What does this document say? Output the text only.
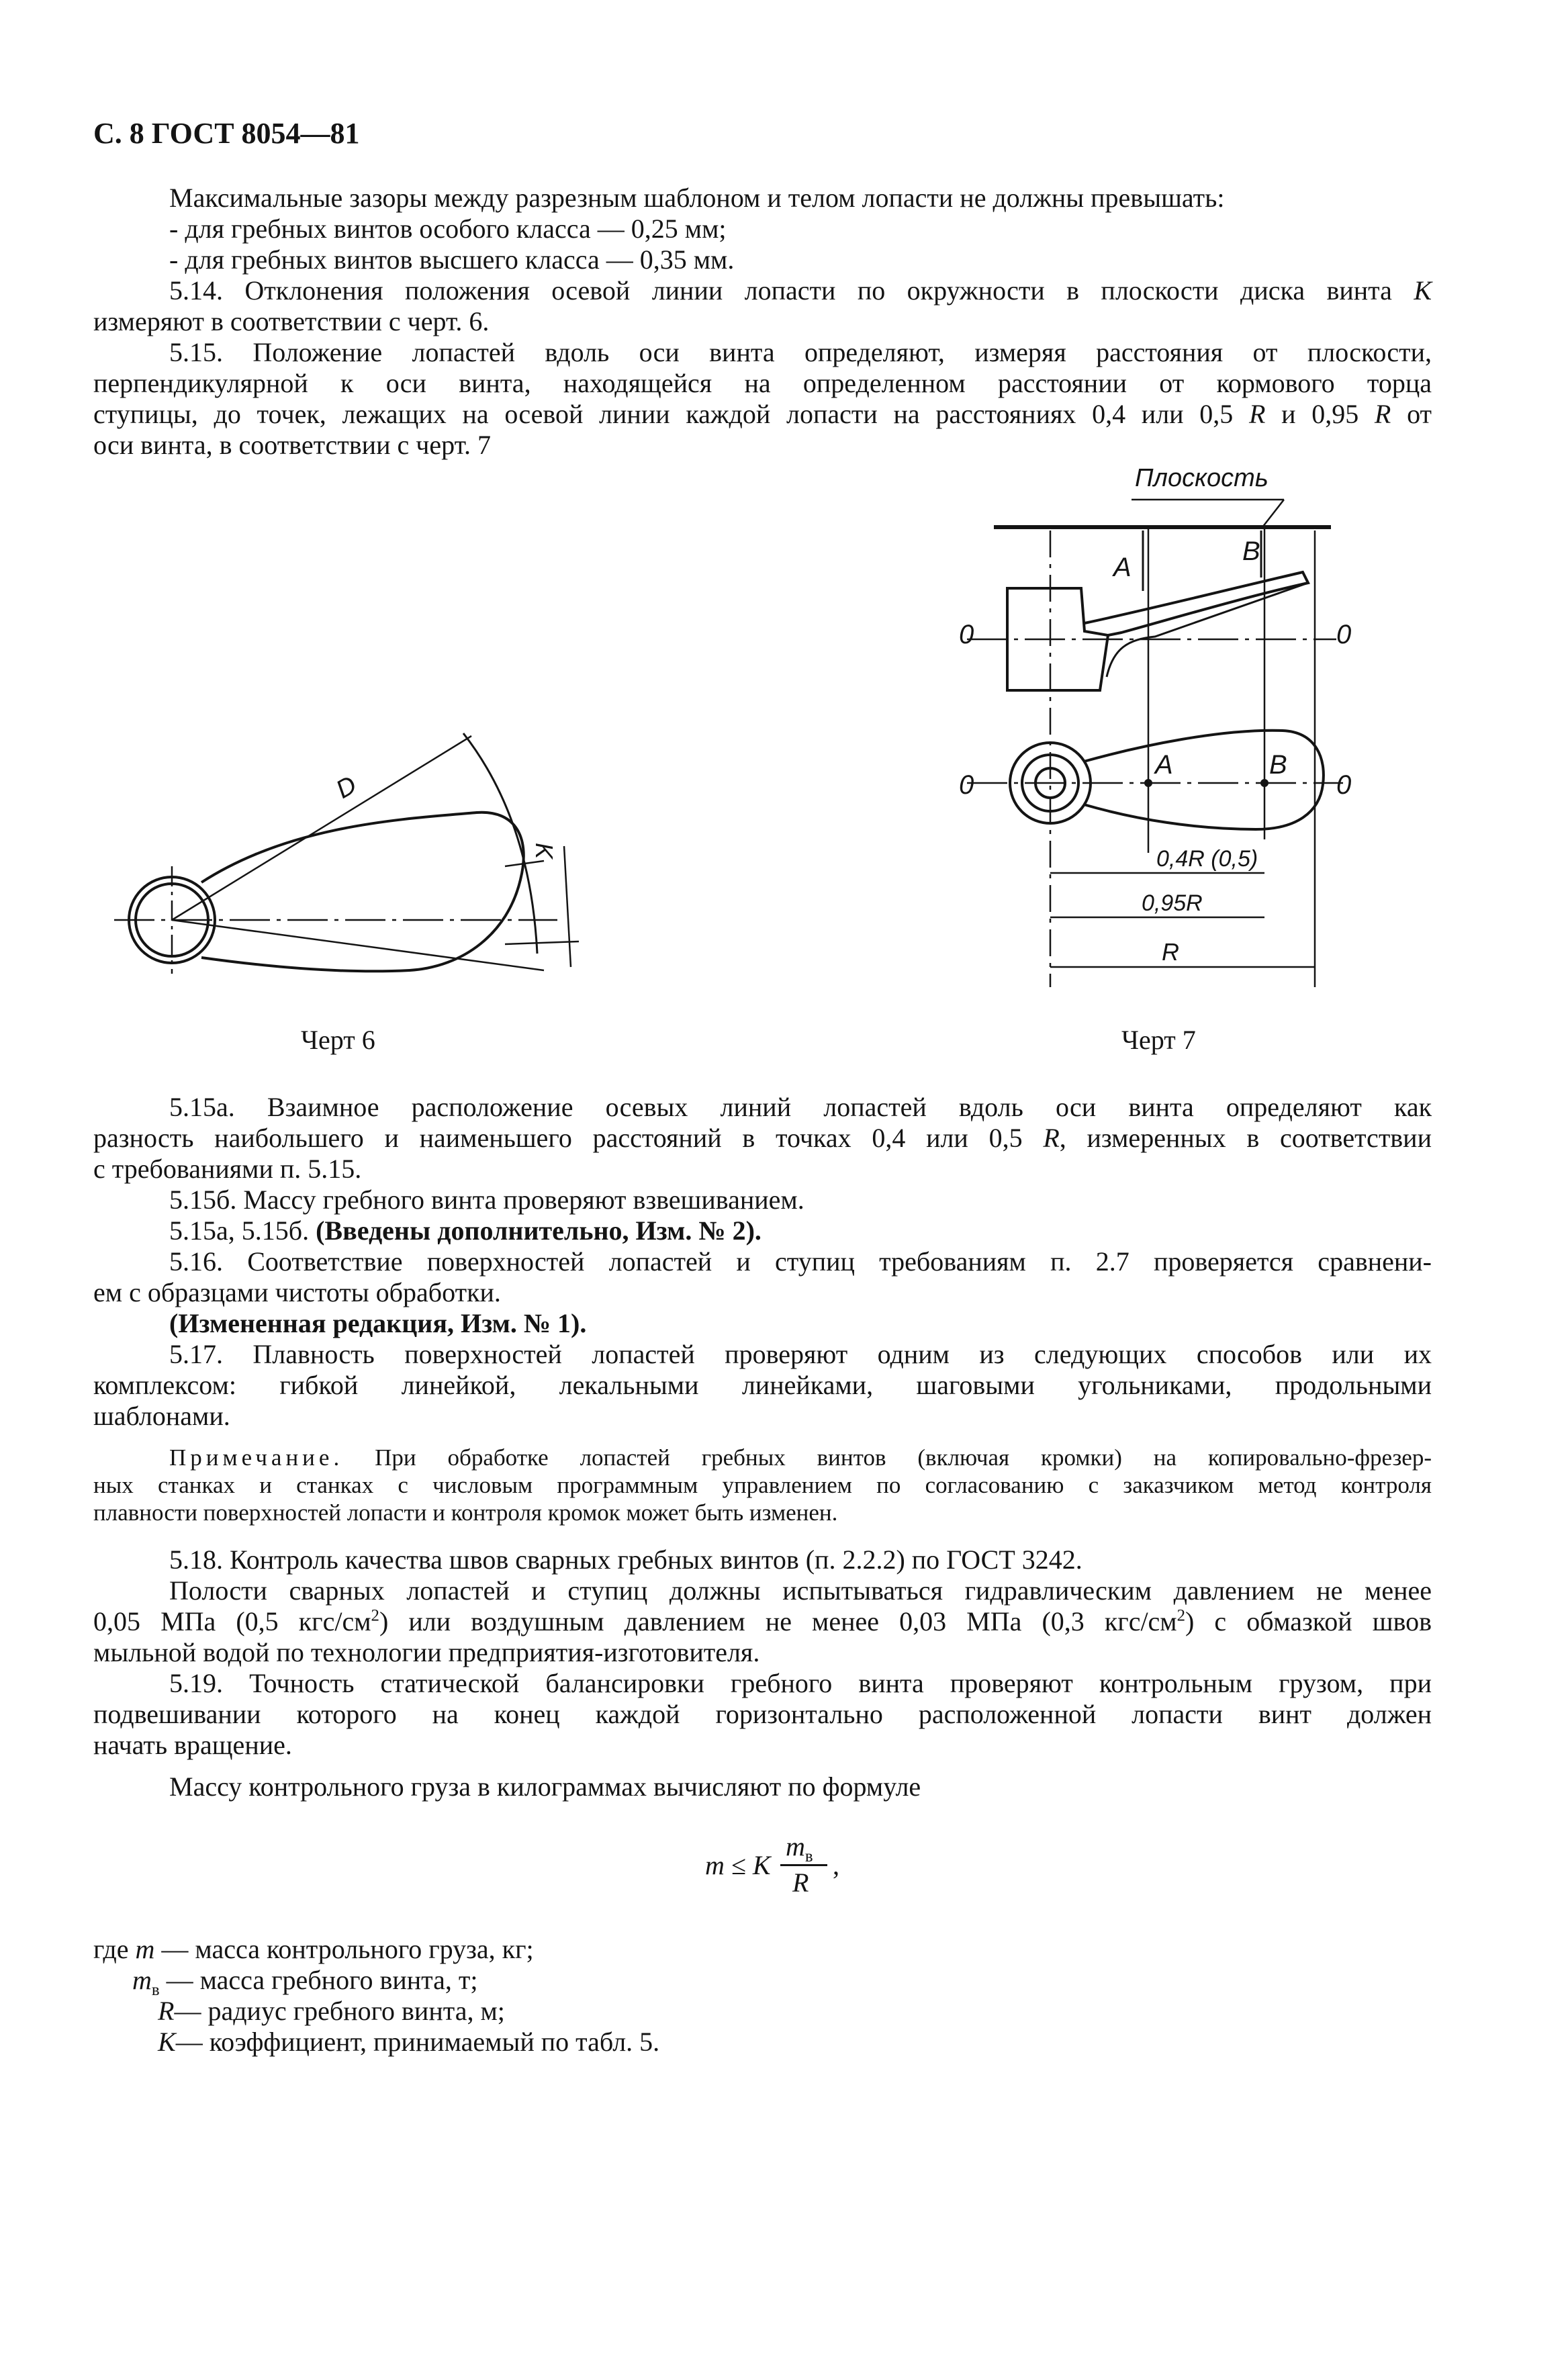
С. 8 ГОСТ 8054—81
Максимальные зазоры между разрезным шаблоном и телом лопасти не должны превышать:
- для гребных винтов особого класса — 0,25 мм;
- для гребных винтов высшего класса — 0,35 мм.
5.14. Отклонения положения осевой линии лопасти по окружности в плоскости диска винта K
измеряют в соответствии с черт. 6.
5.15. Положение лопастей вдоль оси винта определяют, измеряя расстояния от плоскости,
перпендикулярной к оси винта, находящейся на определенном расстоянии от кормового торца
ступицы, до точек, лежащих на осевой линии каждой лопасти на расстояниях 0,4 или 0,5 R и 0,95 R от
оси винта, в соответствии с черт. 7
D
K
Плоскость
A
B
0	0
0	0
A	B
0,4R (0,5)
0,95R
R
Черт 6	Черт 7
5.15а. Взаимное расположение осевых линий лопастей вдоль оси винта определяют как
разность наибольшего и наименьшего расстояний в точках 0,4 или 0,5 R, измеренных в соответствии
с требованиями п. 5.15.
5.15б. Массу гребного винта проверяют взвешиванием.
5.15а, 5.15б. (Введены дополнительно, Изм. № 2).
5.16. Соответствие поверхностей лопастей и ступиц требованиям п. 2.7 проверяется сравнени-
ем с образцами чистоты обработки.
(Измененная редакция, Изм. № 1).
5.17. Плавность поверхностей лопастей проверяют одним из следующих способов или их
комплексом: гибкой линейкой, лекальными линейками, шаговыми угольниками, продольными
шаблонами.
Примечание. При обработке лопастей гребных винтов (включая кромки) на копировально-фрезер-
ных станках и станках с числовым программным управлением по согласованию с заказчиком метод контроля
плавности поверхностей лопасти и контроля кромок может быть изменен.
5.18. Контроль качества швов сварных гребных винтов (п. 2.2.2) по ГОСТ 3242.
Полости сварных лопастей и ступиц должны испытываться гидравлическим давлением не менее
0,05 МПа (0,5 кгс/$см^2$) или воздушным давлением не менее 0,03 МПа (0,3 кгс/$см^2$) с обмазкой швов
мыльной водой по технологии предприятия-изготовителя.
5.19. Точность статической балансировки гребного винта проверяют контрольным грузом, при
подвешивании которого на конец каждой горизонтально расположенной лопасти винт должен
начать вращение.
Массу контрольного груза в килограммах вычисляют по формуле
m ≤ K
$m_в$
R
,
где m — масса контрольного груза, кг;
$m_в$ — масса гребного винта, т;
R— радиус гребного винта, м;
K— коэффициент, принимаемый по табл. 5.
